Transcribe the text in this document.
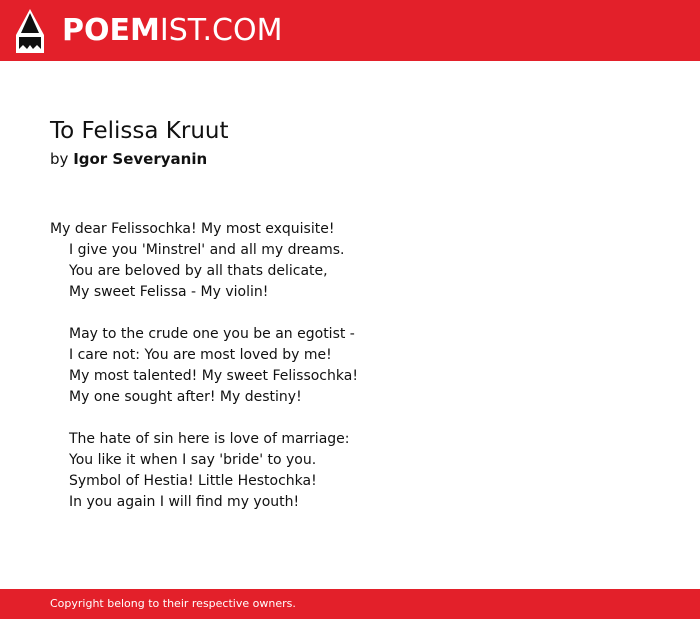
POEMIST.COM
To Felissa Kruut
by Igor Severyanin
My dear Felissochka! My most exquisite!
I give you 'Minstrel' and all my dreams.
You are beloved by all thats delicate,
My sweet Felissa - My violin!
May to the crude one you be an egotist -
I care not: You are most loved by me!
My most talented! My sweet Felissochka!
My one sought after! My destiny!
The hate of sin here is love of marriage:
You like it when I say 'bride' to you.
Symbol of Hestia! Little Hestochka!
In you again I will find my youth!
Copyright belong to their respective owners.
